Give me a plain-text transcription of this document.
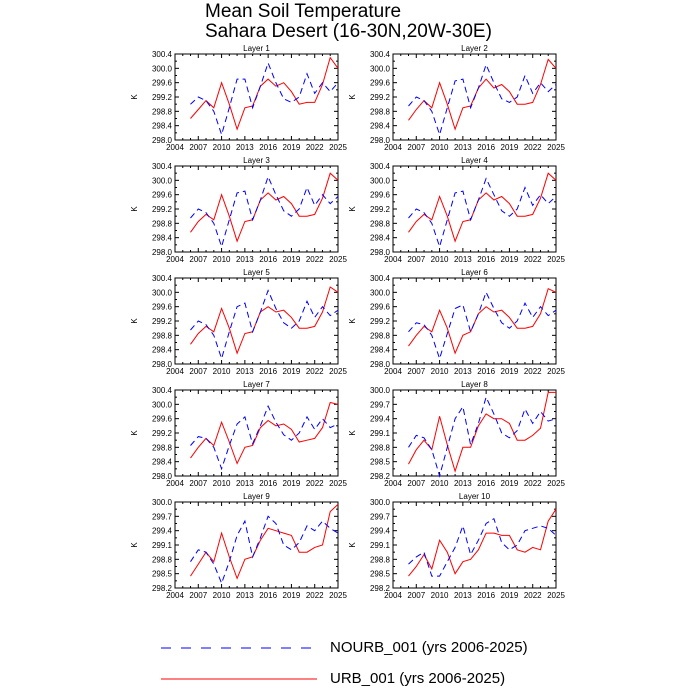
Mean Soil Temperature
Sahara Desert (16-30N,20W-30E)
Layer 1
K
298.0
298.4
298.8
299.2
299.6
300.0
300.4
2004 2007 2010 2013 2016 2019 2022 2025
Layer 2
K
298.0
298.4
298.8
299.2
299.6
300.0
300.4
2004 2007 2010 2013 2016 2019 2022 2025
Layer 3
K
298.0
298.4
298.8
299.2
299.6
300.0
300.4
2004 2007 2010 2013 2016 2019 2022 2025
Layer 4
K
298.0
298.4
298.8
299.2
299.6
300.0
300.4
2004 2007 2010 2013 2016 2019 2022 2025
Layer 5
K
298.0
298.4
298.8
299.2
299.6
300.0
300.4
2004 2007 2010 2013 2016 2019 2022 2025
Layer 6
K
298.0
298.4
298.8
299.2
299.6
300.0
300.4
2004 2007 2010 2013 2016 2019 2022 2025
Layer 7
K
298.0
298.4
298.8
299.2
299.6
300.0
300.4
2004 2007 2010 2013 2016 2019 2022 2025
Layer 8
K
298.2
298.5
298.8
299.1
299.4
299.7
300.0
2004 2007 2010 2013 2016 2019 2022 2025
Layer 9
K
298.2
298.5
298.8
299.1
299.4
299.7
300.0
2004 2007 2010 2013 2016 2019 2022 2025
Layer 10
K
298.2
298.5
298.8
299.1
299.4
299.7
300.0
2004 2007 2010 2013 2016 2019 2022 2025
NOURB_001 (yrs 2006-2025)
URB_001 (yrs 2006-2025)
